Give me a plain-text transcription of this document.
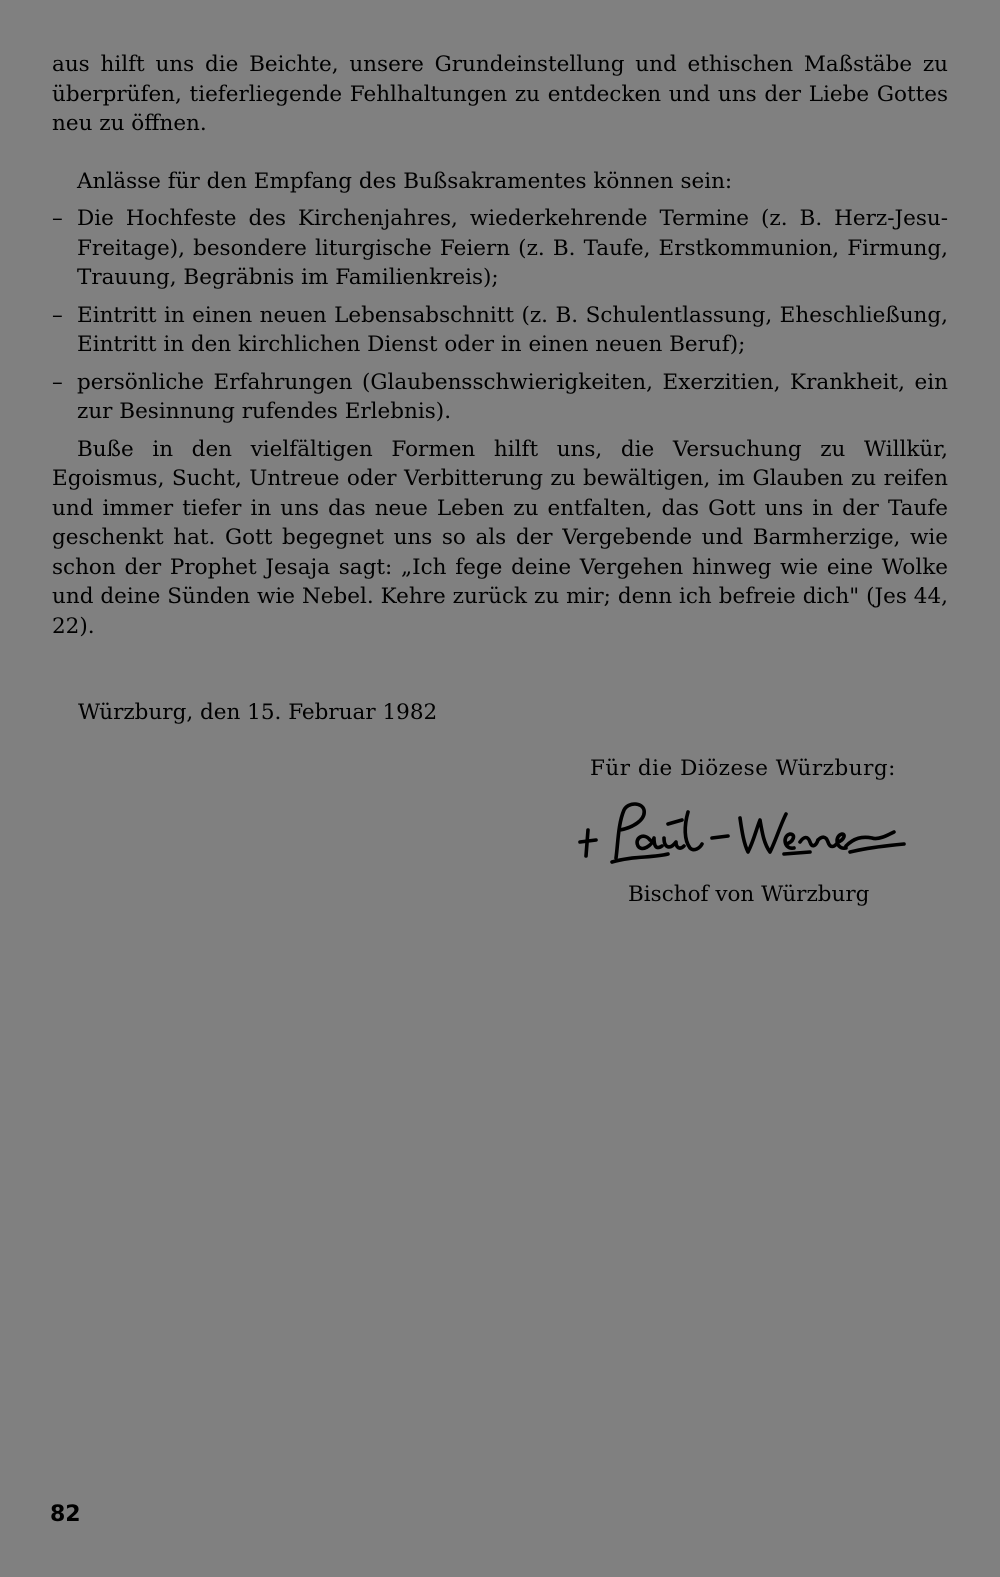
aus hilft uns die Beichte, unsere Grundeinstellung und ethischen Maßstäbe zu überprüfen, tieferliegende Fehlhaltungen zu entdecken und uns der Liebe Gottes neu zu öffnen.

Anlässe für den Empfang des Bußsakramentes können sein:

– Die Hochfeste des Kirchenjahres, wiederkehrende Termine (z. B. Herz-Jesu-Freitage), besondere liturgische Feiern (z. B. Taufe, Erstkommunion, Firmung, Trauung, Begräbnis im Familienkreis);
– Eintritt in einen neuen Lebensabschnitt (z. B. Schulentlassung, Eheschließung, Eintritt in den kirchlichen Dienst oder in einen neuen Beruf);
– persönliche Erfahrungen (Glaubensschwierigkeiten, Exerzitien, Krankheit, ein zur Besinnung rufendes Erlebnis).

Buße in den vielfältigen Formen hilft uns, die Versuchung zu Willkür, Egoismus, Sucht, Untreue oder Verbitterung zu bewältigen, im Glauben zu reifen und immer tiefer in uns das neue Leben zu entfalten, das Gott uns in der Taufe geschenkt hat. Gott begegnet uns so als der Vergebende und Barmherzige, wie schon der Prophet Jesaja sagt: „Ich fege deine Vergehen hinweg wie eine Wolke und deine Sünden wie Nebel. Kehre zurück zu mir; denn ich befreie dich" (Jes 44, 22).

Würzburg, den 15. Februar 1982
Für die Diözese Würzburg:
Bischof von Würzburg
82
